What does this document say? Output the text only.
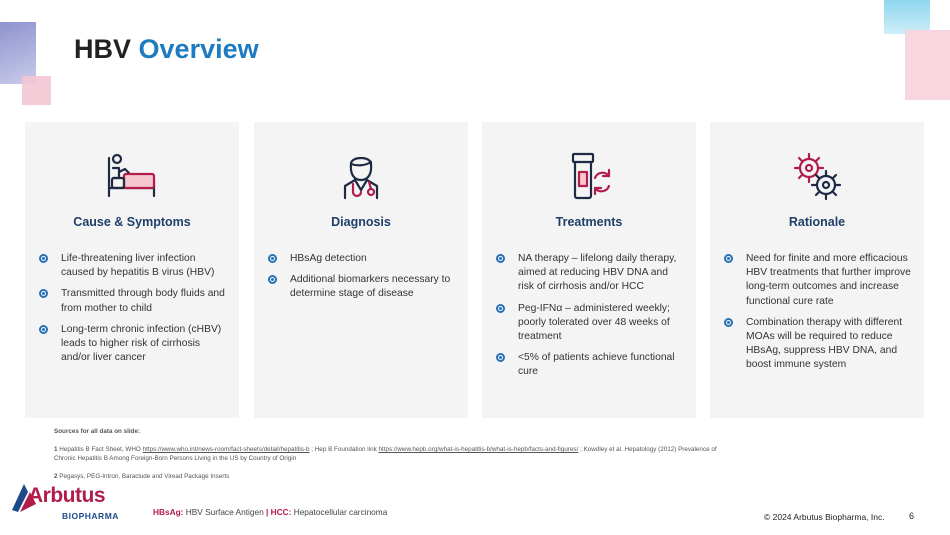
HBV Overview
Cause & Symptoms
Life-threatening liver infection caused by hepatitis B virus (HBV)
Transmitted through body fluids and from mother to child
Long-term chronic infection (cHBV) leads to higher risk of cirrhosis and/or liver cancer
Diagnosis
HBsAg detection
Additional biomarkers necessary to determine stage of disease
Treatments
NA therapy – lifelong daily therapy, aimed at reducing HBV DNA and risk of cirrhosis and/or HCC
Peg-IFNα – administered weekly; poorly tolerated over 48 weeks of treatment
<5% of patients achieve functional cure
Rationale
Need for finite and more efficacious HBV treatments that further improve long-term outcomes and increase functional cure rate
Combination therapy with different MOAs will be required to reduce HBsAg, suppress HBV DNA, and boost immune system
Sources for all data on slide:
1 Hepatitis B Fact Sheet, WHO https://www.who.int/news-room/fact-sheets/detail/hepatitis-b ; Hep B Foundation link https://www.hepb.org/what-is-hepatitis-b/what-is-hepb/facts-and-figures/ ; Kowdley et al. Hepatology (2012) Prevalence of Chronic Hepatitis B Among Foreign-Born Persons Living in the US by Country of Origin
2 Pegasys, PEG-Intron, Baraclude and Viread Package Inserts
Arbutus
BIOPHARMA	HBsAg: HBV Surface Antigen | HCC: Hepatocellular carcinoma	© 2024 Arbutus Biopharma, Inc.	6
